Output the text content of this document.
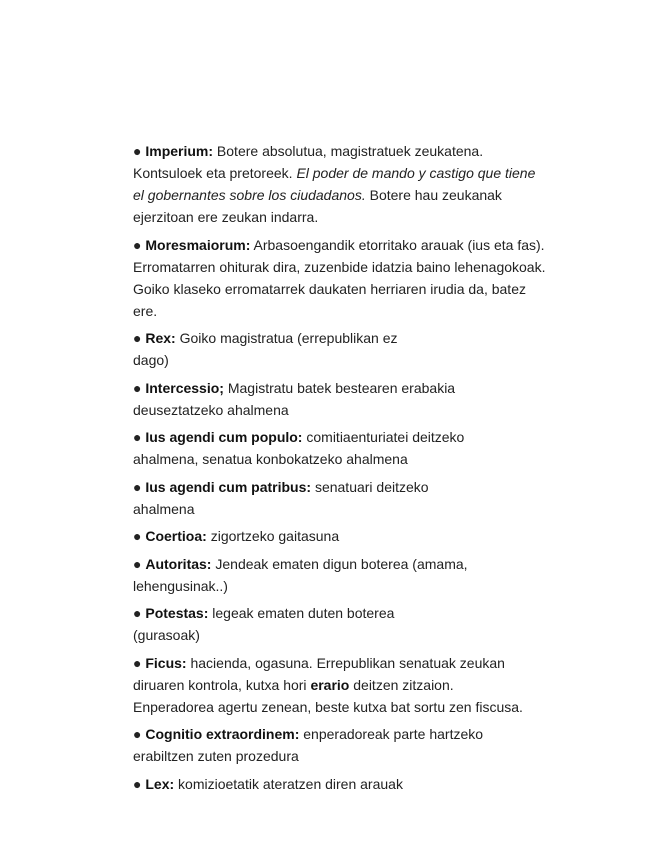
● Imperium: Botere absolutua, magistratuek zeukatena.
Kontsuloek eta pretoreek. El poder de mando y castigo que tiene
el gobernantes sobre los ciudadanos. Botere hau zeukanak
ejerzitoan ere zeukan indarra.

● Moresmaiorum: Arbasoengandik etorritako arauak (ius eta fas).
Erromatarren ohiturak dira, zuzenbide idatzia baino lehenagokoak.
Goiko klaseko erromatarrek daukaten herriaren irudia da, batez
ere.

● Rex: Goiko magistratua (errepublikan ez
dago)

● Intercessio; Magistratu batek bestearen erabakia
deuseztatzeko ahalmena

● Ius agendi cum populo: comitiaenturiatei deitzeko
ahalmena, senatua konbokatzeko ahalmena

● Ius agendi cum patribus: senatuari deitzeko
ahalmena

● Coertioa: zigortzeko gaitasuna

● Autoritas: Jendeak ematen digun boterea (amama,
lehengusinak..)

● Potestas: legeak ematen duten boterea
(gurasoak)

● Ficus: hacienda, ogasuna. Errepublikan senatuak zeukan
diruaren kontrola, kutxa hori erario deitzen zitzaion.
Enperadorea agertu zenean, beste kutxa bat sortu zen fiscusa.

● Cognitio extraordinem: enperadoreak parte hartzeko
erabiltzen zuten prozedura

● Lex: komizioetatik ateratzen diren arauak
